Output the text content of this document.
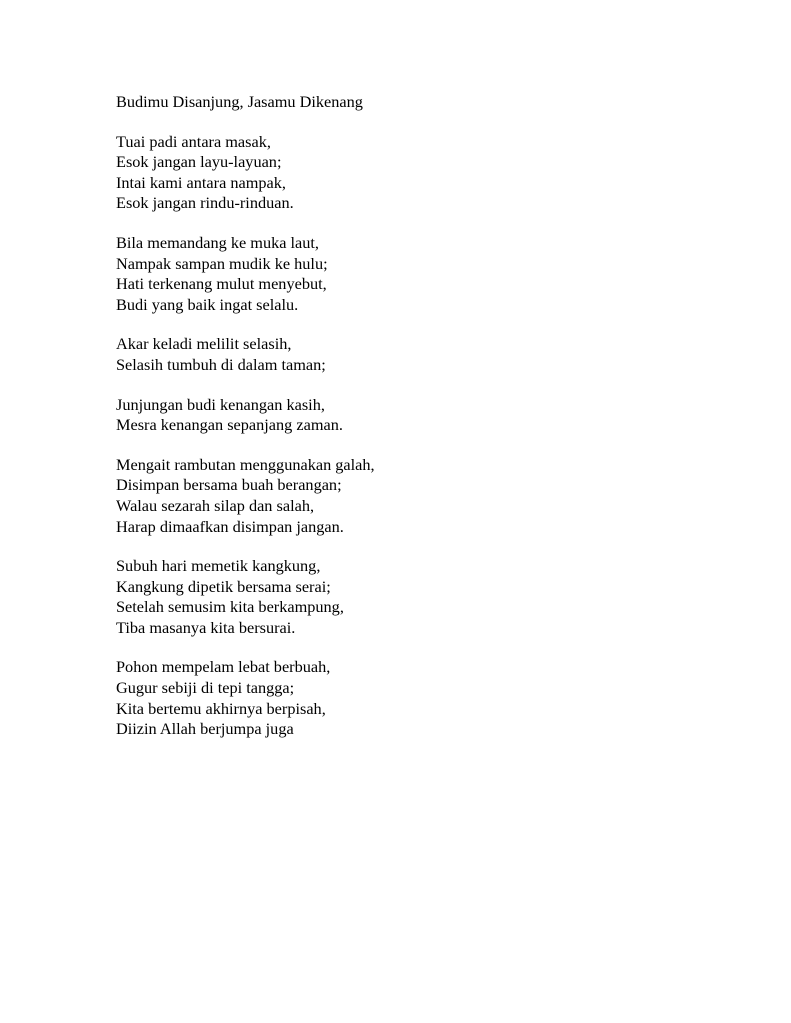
Budimu Disanjung, Jasamu Dikenang
Tuai padi antara masak,
Esok jangan layu-layuan;
Intai kami antara nampak,
Esok jangan rindu-rinduan.
Bila memandang ke muka laut,
Nampak sampan mudik ke hulu;
Hati terkenang mulut menyebut,
Budi yang baik ingat selalu.
Akar keladi melilit selasih,
Selasih tumbuh di dalam taman;
Junjungan budi kenangan kasih,
Mesra kenangan sepanjang zaman.
Mengait rambutan menggunakan galah,
Disimpan bersama buah berangan;
Walau sezarah silap dan salah,
Harap dimaafkan disimpan jangan.
Subuh hari memetik kangkung,
Kangkung dipetik bersama serai;
Setelah semusim kita berkampung,
Tiba masanya kita bersurai.
Pohon mempelam lebat berbuah,
Gugur sebiji di tepi tangga;
Kita bertemu akhirnya berpisah,
Diizin Allah berjumpa juga
